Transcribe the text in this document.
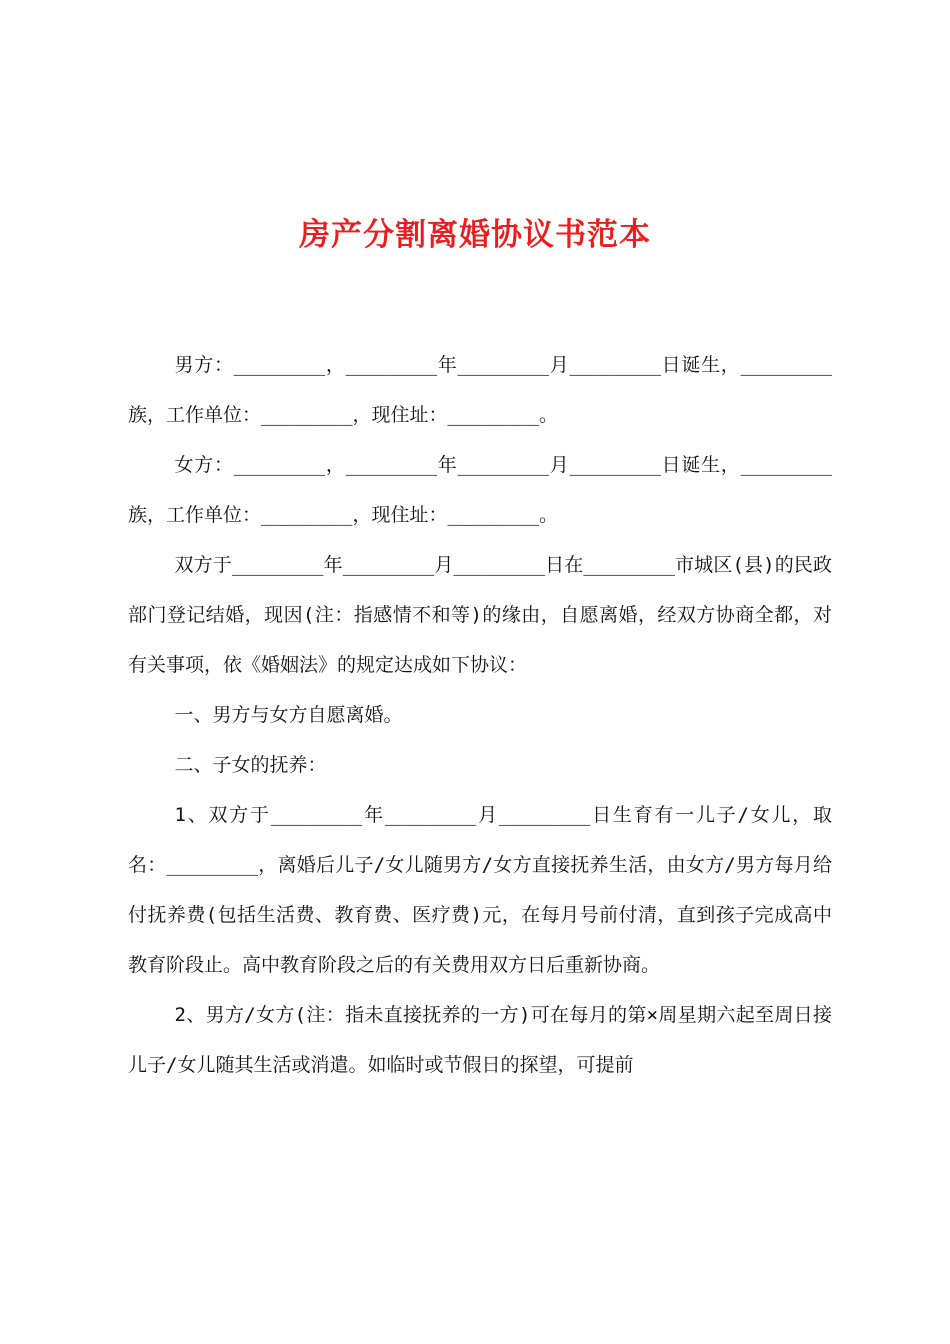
房产分割离婚协议书范本

男方：________，________年________月________日诞生，________族，工作单位：________，现住址：________。

女方：________，________年________月________日诞生，________族，工作单位：________，现住址：________。

双方于________年________月________日在________市城区(县)的民政部门登记结婚，现因(注：指感情不和等)的缘由，自愿离婚，经双方协商全都，对有关事项，依《婚姻法》的规定达成如下协议：

一、男方与女方自愿离婚。

二、子女的抚养：

1、双方于________年________月________日生育有一儿子/女儿，取名：________，离婚后儿子/女儿随男方/女方直接抚养生活，由女方/男方每月给付抚养费(包括生活费、教育费、医疗费)元，在每月号前付清，直到孩子完成高中教育阶段止。高中教育阶段之后的有关费用双方日后重新协商。

2、男方/女方(注：指未直接抚养的一方)可在每月的第×周星期六起至周日接儿子/女儿随其生活或消遣。如临时或节假日的探望，可提前
